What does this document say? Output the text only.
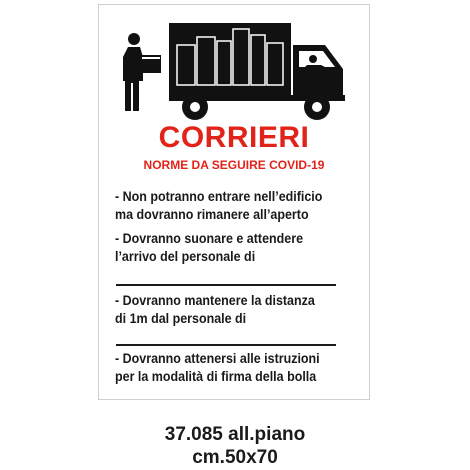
CORRIERI
NORME DA SEGUIRE COVID-19
- Non potranno entrare nell’edificio
ma dovranno rimanere all’aperto
- Dovranno suonare e attendere
l’arrivo del personale di
- Dovranno mantenere la distanza
di 1m dal personale di
- Dovranno attenersi alle istruzioni
per la modalità di firma della bolla
37.085 all.piano
cm.50x70
